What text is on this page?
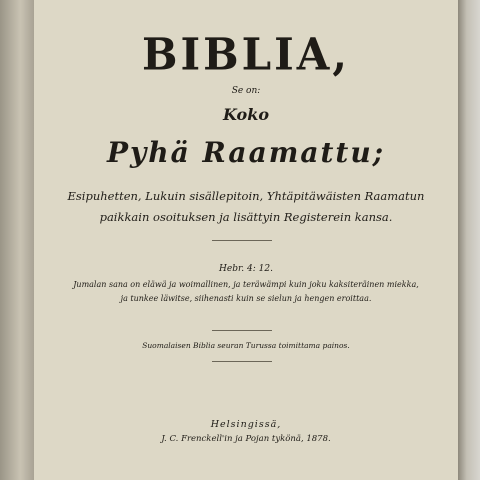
BIBLIA,
Se on:
Koko
Pyhä Raamattu;
Esipuhetten, Lukuin sisällepitoin, Yhtäpitäwäisten Raamatun
paikkain osoituksen ja lisättyin Registerein kansa.
Hebr. 4: 12.
Jumalan sana on eläwä ja woimallinen, ja teräwämpi kuin joku kaksiteräinen miekka,
ja tunkee läwitse, siihenasti kuin se sielun ja hengen eroittaa.
Suomalaisen Biblia seuran Turussa toimittama painos.
Helsingissä,
J. C. Frenckell'in ja Pojan tykönä, 1878.
